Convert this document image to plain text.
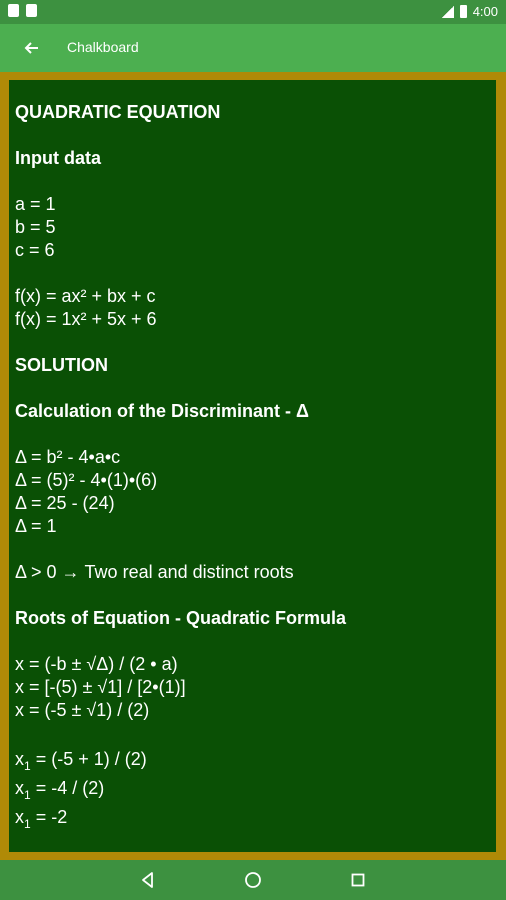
4:00
Chalkboard
QUADRATIC EQUATION
Input data
a = 1
b = 5
c = 6
f(x) = ax² + bx + c
f(x) = 1x² + 5x + 6
SOLUTION
Calculation of the Discriminant - Δ
Δ = b² - 4•a•c
Δ = (5)² - 4•(1)•(6)
Δ = 25 - (24)
Δ = 1
Δ > 0 → Two real and distinct roots
Roots of Equation - Quadratic Formula
x = (-b ± √Δ) / (2 • a)
x = [-(5) ± √1] / [2•(1)]
x = (-5 ± √1) / (2)
$x_1 = (-5 + 1) / (2)$
$x_1 = -4 / (2)$
$x_1 = -2$
